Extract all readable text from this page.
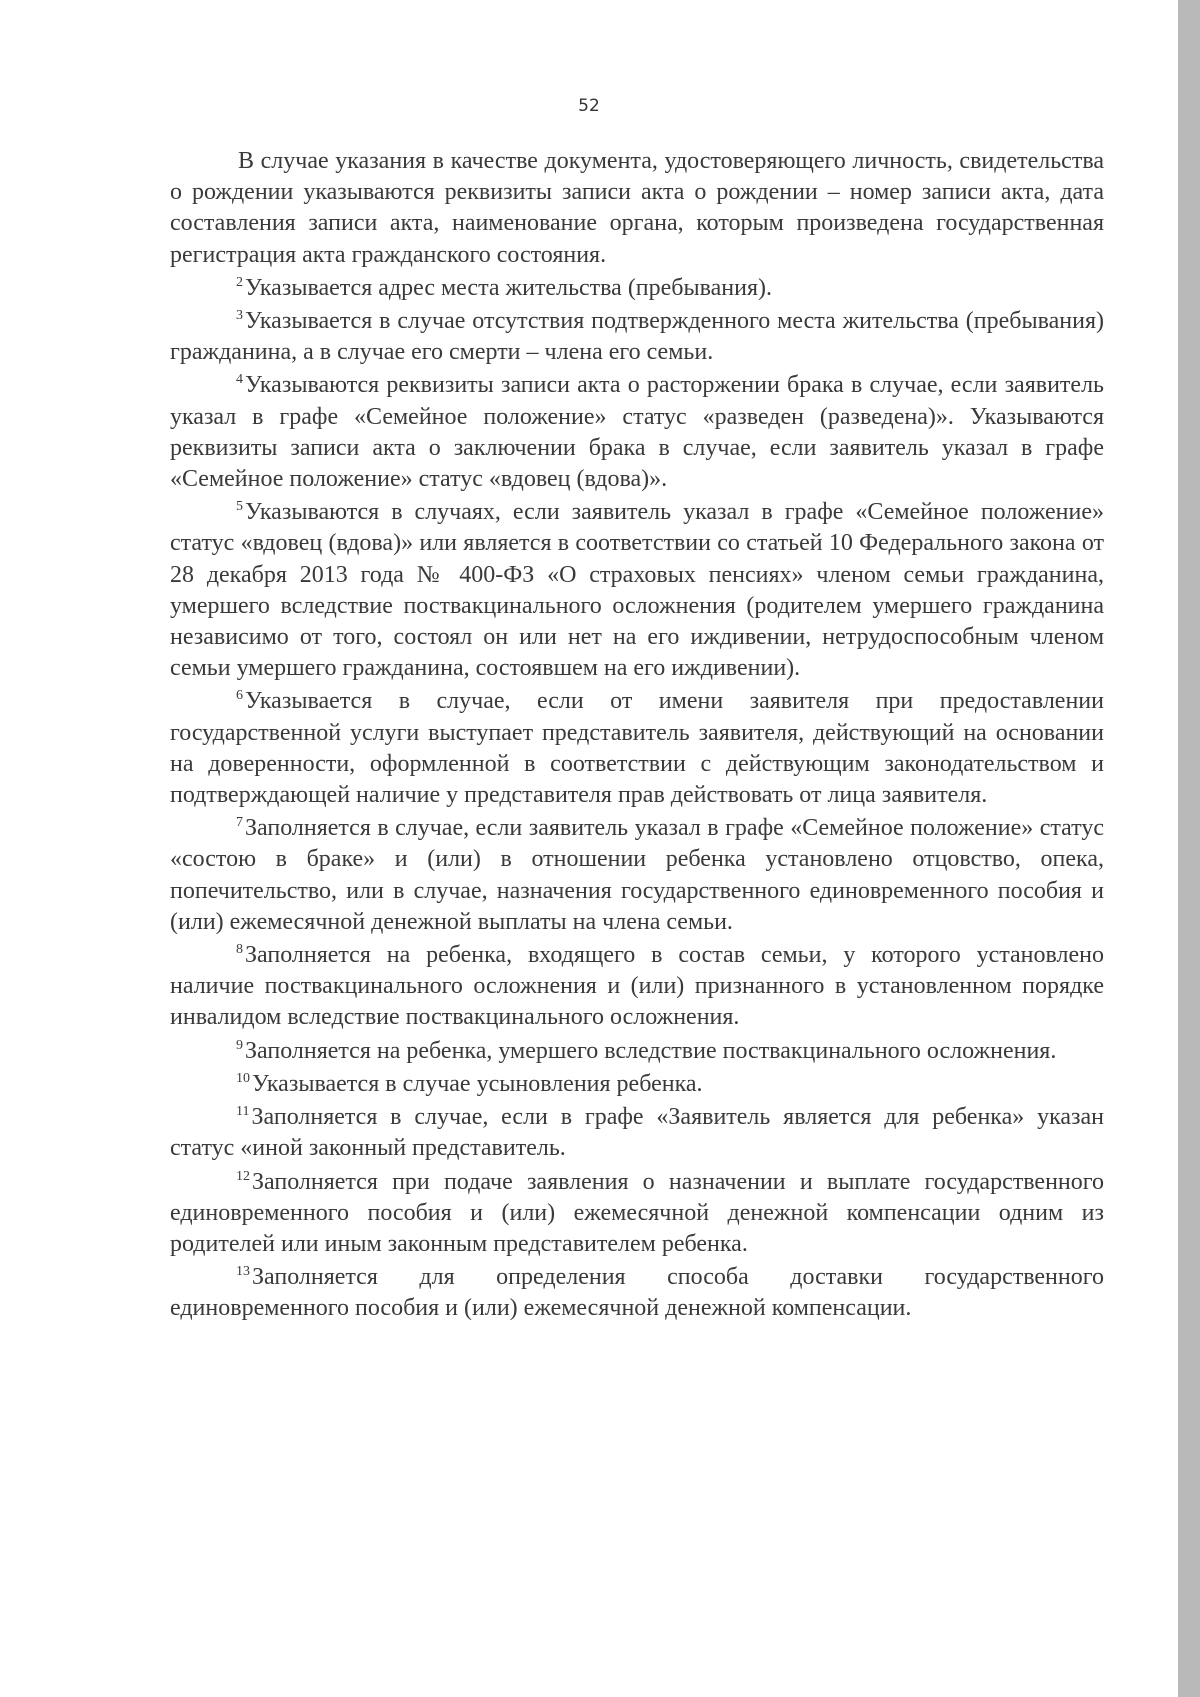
52

В случае указания в качестве документа, удостоверяющего личность, свидетельства о рождении указываются реквизиты записи акта о рождении – номер записи акта, дата составления записи акта, наименование органа, которым произведена государственная регистрация акта гражданского состояния.

$^2$Указывается адрес места жительства (пребывания).

$^3$Указывается в случае отсутствия подтвержденного места жительства (пребывания) гражданина, а в случае его смерти – члена его семьи.

$^4$Указываются реквизиты записи акта о расторжении брака в случае, если заявитель указал в графе «Семейное положение» статус «разведен (разведена)». Указываются реквизиты записи акта о заключении брака в случае, если заявитель указал в графе «Семейное положение» статус «вдовец (вдова)».

$^5$Указываются в случаях, если заявитель указал в графе «Семейное положение» статус «вдовец (вдова)» или является в соответствии со статьей 10 Федерального закона от 28 декабря 2013 года № 400-ФЗ «О страховых пенсиях» членом семьи гражданина, умершего вследствие поствакцинального осложнения (родителем умершего гражданина независимо от того, состоял он или нет на его иждивении, нетрудоспособным членом семьи умершего гражданина, состоявшем на его иждивении).

$^6$Указывается в случае, если от имени заявителя при предоставлении государственной услуги выступает представитель заявителя, действующий на основании на доверенности, оформленной в соответствии с действующим законодательством и подтверждающей наличие у представителя прав действовать от лица заявителя.

$^7$Заполняется в случае, если заявитель указал в графе «Семейное положение» статус «состою в браке» и (или) в отношении ребенка установлено отцовство, опека, попечительство, или в случае, назначения государственного единовременного пособия и (или) ежемесячной денежной выплаты на члена семьи.

$^8$Заполняется на ребенка, входящего в состав семьи, у которого установлено наличие поствакцинального осложнения и (или) признанного в установленном порядке инвалидом вследствие поствакцинального осложнения.

$^9$Заполняется на ребенка, умершего вследствие поствакцинального осложнения.

$^{10}$Указывается в случае усыновления ребенка.

$^{11}$Заполняется в случае, если в графе «Заявитель является для ребенка» указан статус «иной законный представитель.

$^{12}$Заполняется при подаче заявления о назначении и выплате государственного единовременного пособия и (или) ежемесячной денежной компенсации одним из родителей или иным законным представителем ребенка.

$^{13}$Заполняется для определения способа доставки государственного единовременного пособия и (или) ежемесячной денежной компенсации.
